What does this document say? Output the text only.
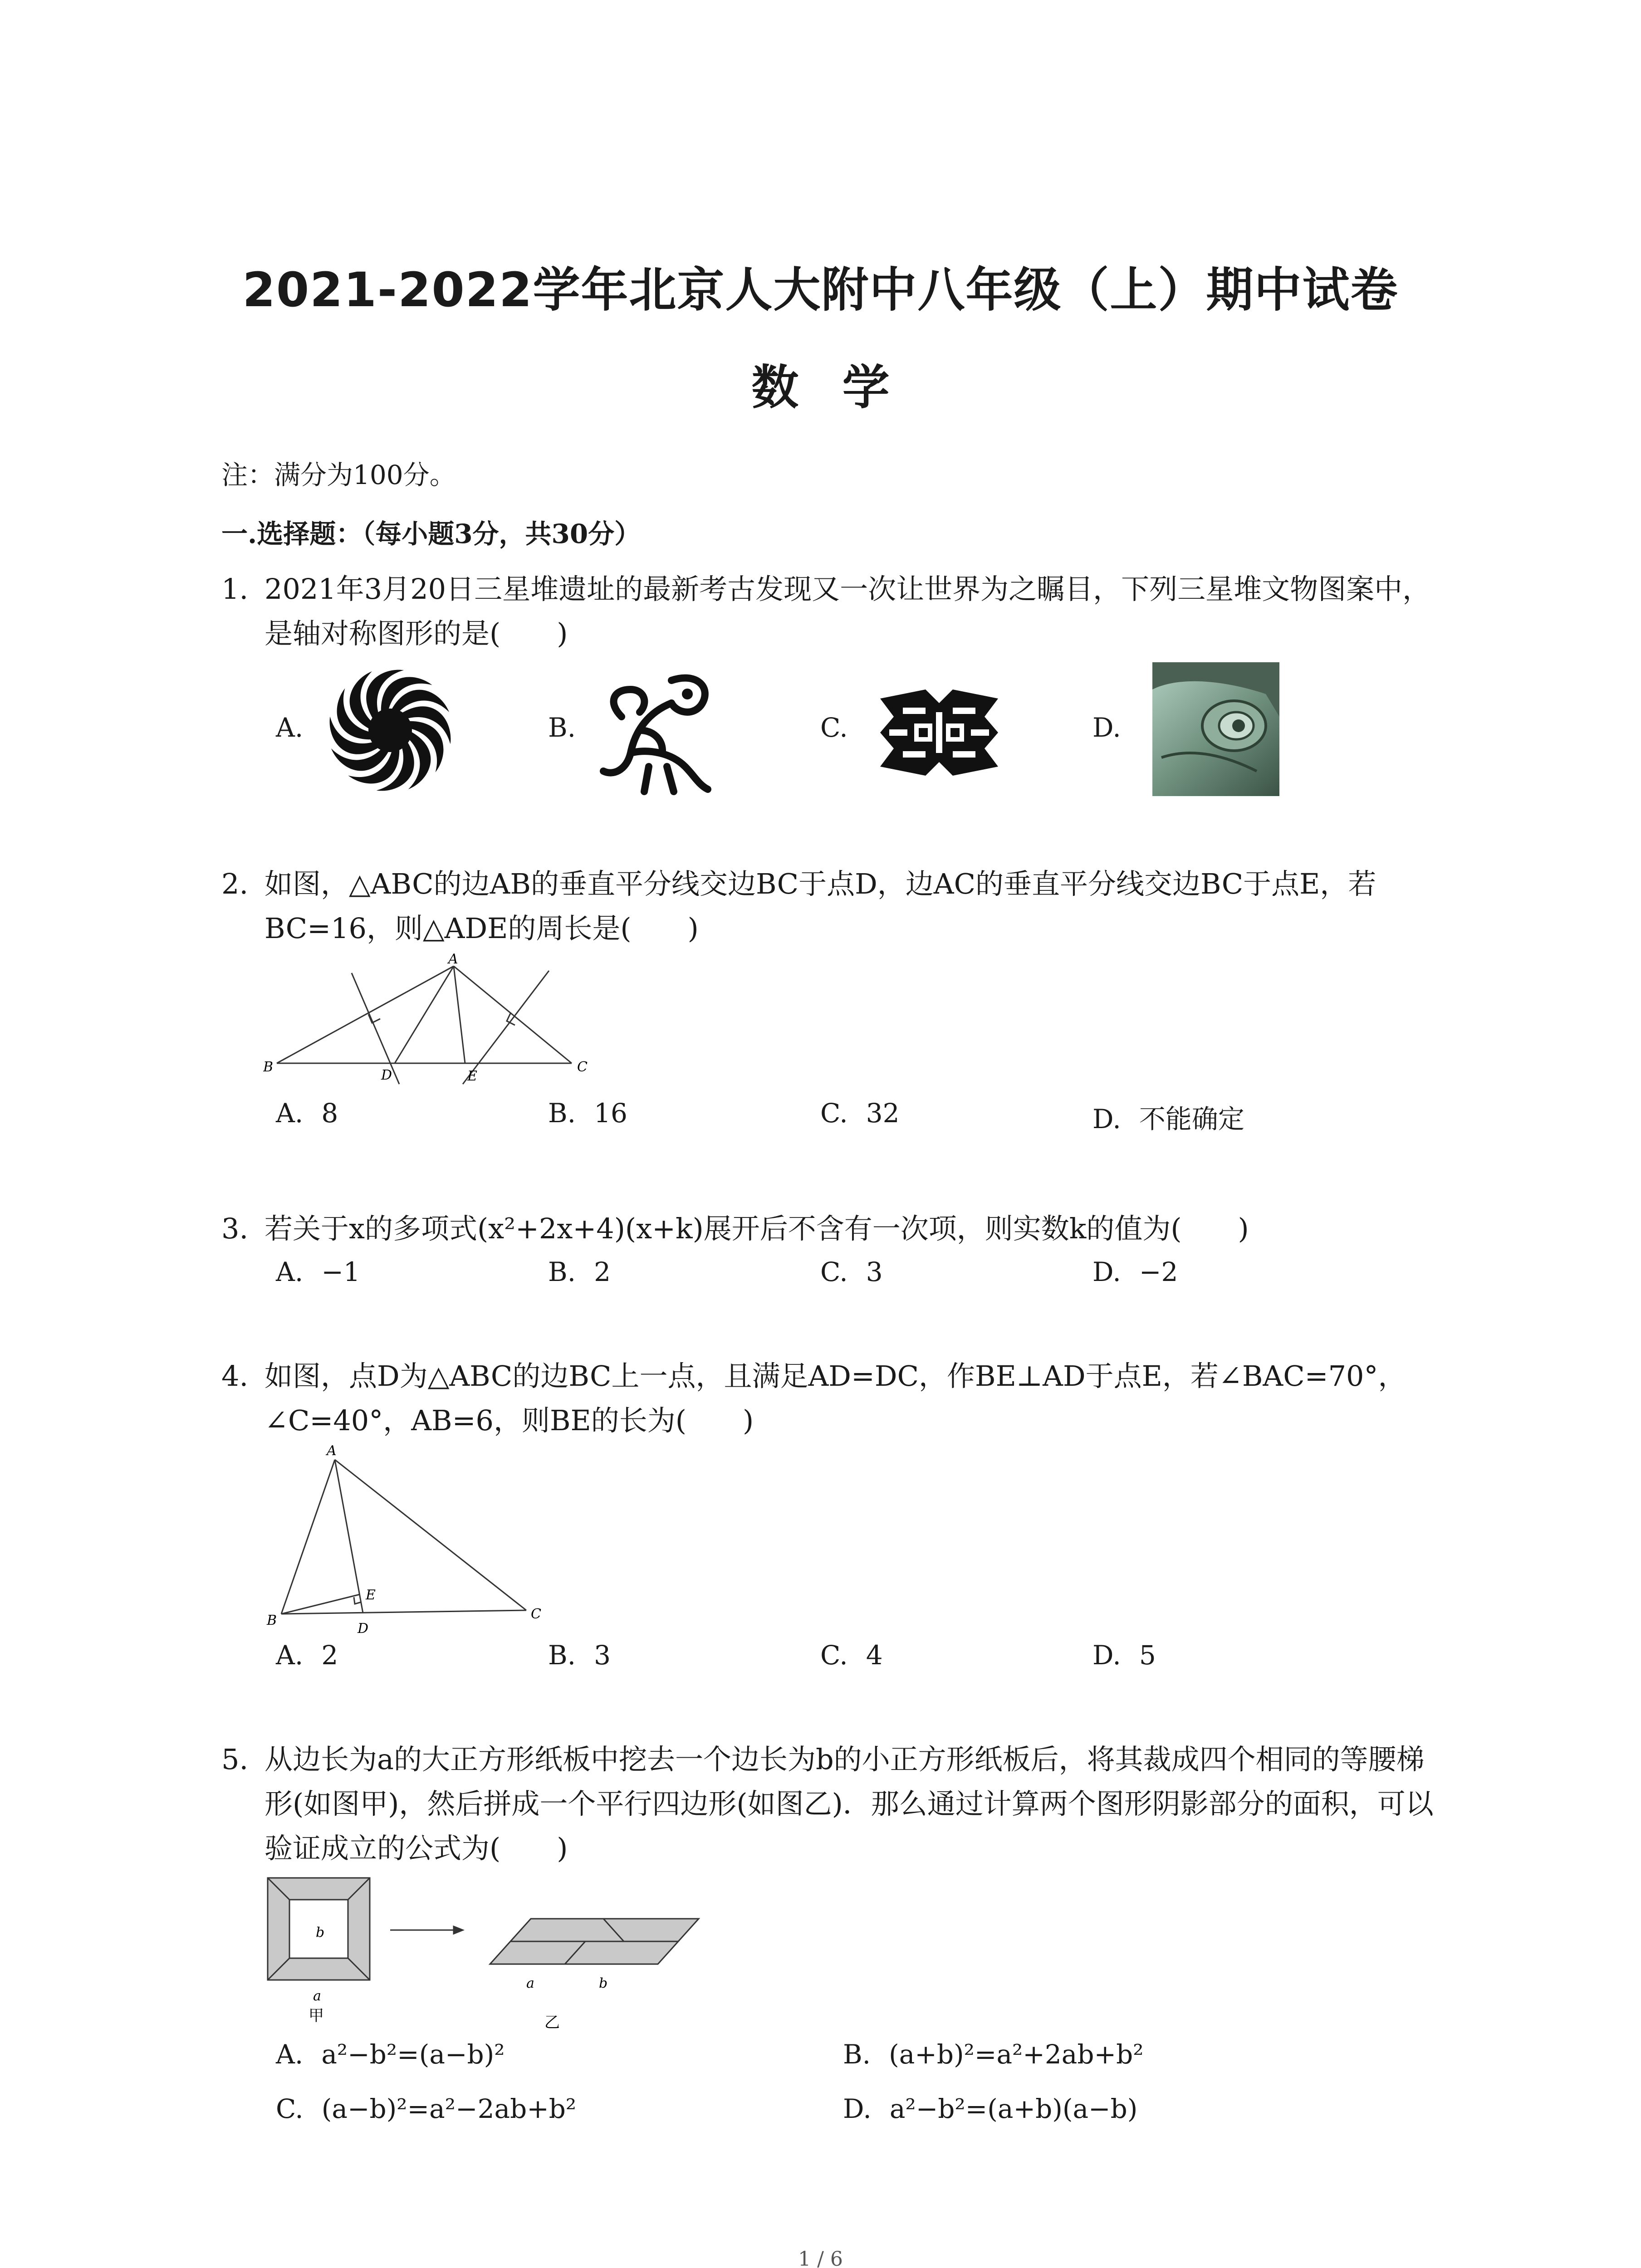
2021-2022学年北京人大附中八年级（上）期中试卷
数 学
注：满分为100分。
一.选择题：（每小题3分，共30分）
1. 2021年3月20日三星堆遗址的最新考古发现又一次让世界为之瞩目，下列三星堆文物图案中，是轴对称图形的是(　　)
A.	B.	C.	D.
2. 如图，△ABC的边AB的垂直平分线交边BC于点D，边AC的垂直平分线交边BC于点E，若BC=16，则△ADE的周长是(　　)
A
B	C
D	E
A. 8	B. 16	C. 32	D. 不能确定
3. 若关于x的多项式(x²+2x+4)(x+k)展开后不含有一次项，则实数k的值为(　　)
A. −1	B. 2	C. 3	D. −2
4. 如图，点D为△ABC的边BC上一点，且满足AD=DC，作BE⊥AD于点E，若∠BAC=70°，∠C=40°，AB=6，则BE的长为(　　)
A
B	C
D
E
A. 2	B. 3	C. 4	D. 5
5. 从边长为a的大正方形纸板中挖去一个边长为b的小正方形纸板后，将其裁成四个相同的等腰梯形(如图甲)，然后拼成一个平行四边形(如图乙)．那么通过计算两个图形阴影部分的面积，可以验证成立的公式为(　　)
b
a
甲
a	b
乙
A. a²−b²=(a−b)²	B. (a+b)²=a²+2ab+b²
C. (a−b)²=a²−2ab+b²	D. a²−b²=(a+b)(a−b)
1 / 6
